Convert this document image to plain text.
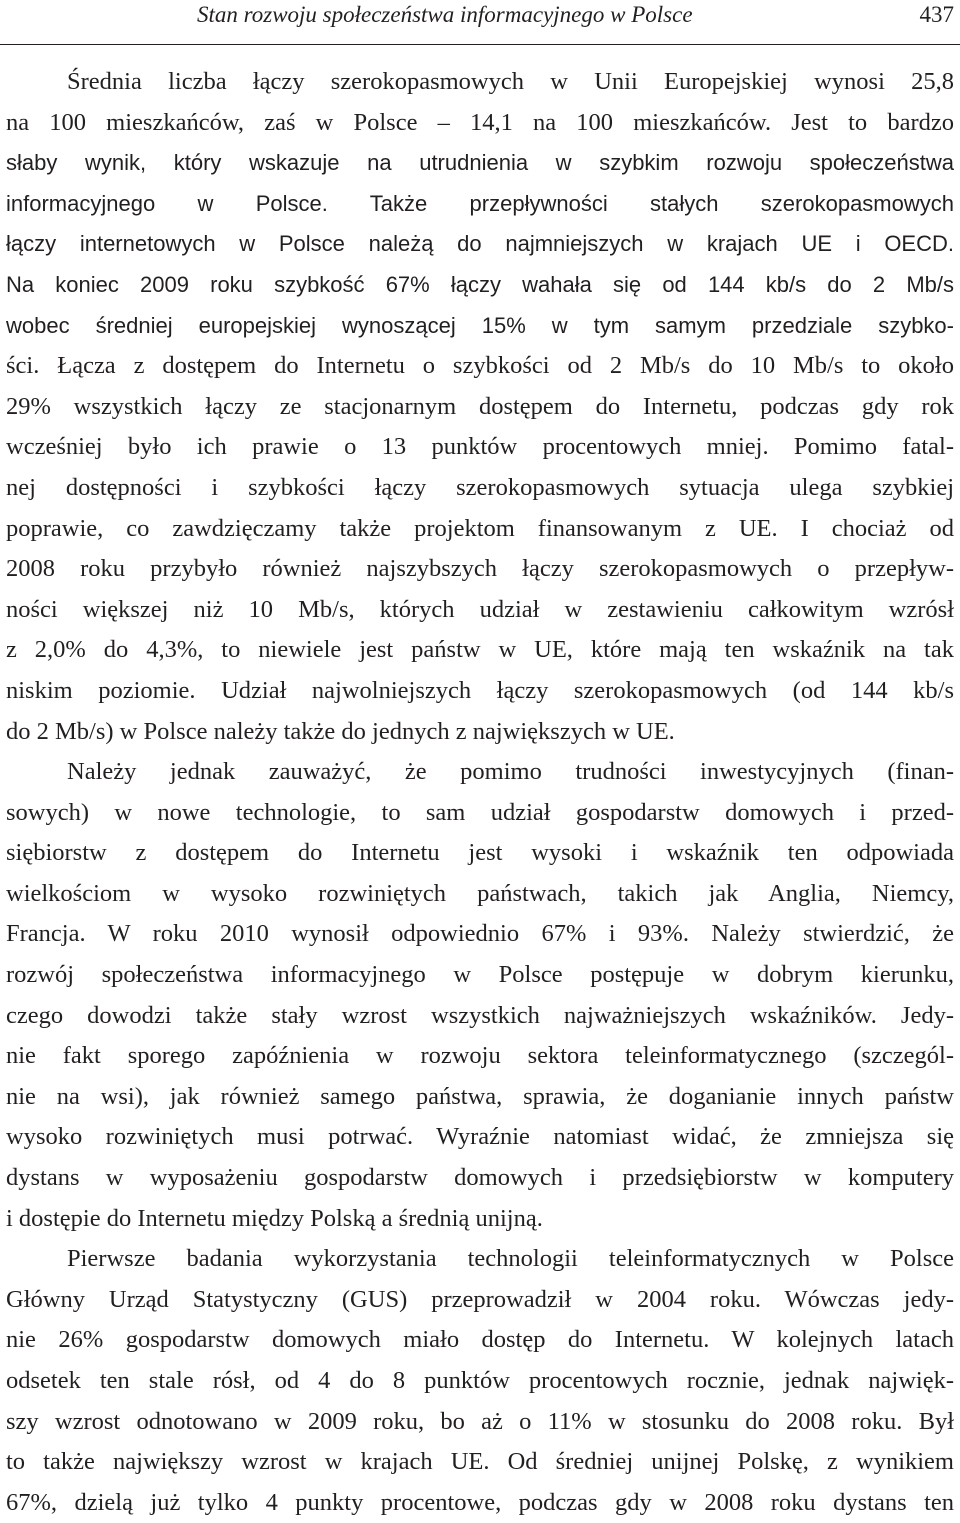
Stan rozwoju społeczeństwa informacyjnego w Polsce	437
Średnia liczba łączy szerokopasmowych w Unii Europejskiej wynosi 25,8
na 100 mieszkańców, zaś w Polsce – 14,1 na 100 mieszkańców. Jest to bardzo
słaby wynik, który wskazuje na utrudnienia w szybkim rozwoju społeczeństwa
informacyjnego w Polsce. Także przepływności stałych szerokopasmowych
łączy internetowych w Polsce należą do najmniejszych w krajach UE i OECD.
Na koniec 2009 roku szybkość 67% łączy wahała się od 144 kb/s do 2 Mb/s
wobec średniej europejskiej wynoszącej 15% w tym samym przedziale szybko-
ści. Łącza z dostępem do Internetu o szybkości od 2 Mb/s do 10 Mb/s to około
29% wszystkich łączy ze stacjonarnym dostępem do Internetu, podczas gdy rok
wcześniej było ich prawie o 13 punktów procentowych mniej. Pomimo fatal-
nej dostępności i szybkości łączy szerokopasmowych sytuacja ulega szybkiej
poprawie, co zawdzięczamy także projektom finansowanym z UE. I chociaż od
2008 roku przybyło również najszybszych łączy szerokopasmowych o przepływ-
ności większej niż 10 Mb/s, których udział w zestawieniu całkowitym wzrósł
z 2,0% do 4,3%, to niewiele jest państw w UE, które mają ten wskaźnik na tak
niskim poziomie. Udział najwolniejszych łączy szerokopasmowych (od 144 kb/s
do 2 Mb/s) w Polsce należy także do jednych z największych w UE.
Należy jednak zauważyć, że pomimo trudności inwestycyjnych (finan-
sowych) w nowe technologie, to sam udział gospodarstw domowych i przed-
siębiorstw z dostępem do Internetu jest wysoki i wskaźnik ten odpowiada
wielkościom w wysoko rozwiniętych państwach, takich jak Anglia, Niemcy,
Francja. W roku 2010 wynosił odpowiednio 67% i 93%. Należy stwierdzić, że
rozwój społeczeństwa informacyjnego w Polsce postępuje w dobrym kierunku,
czego dowodzi także stały wzrost wszystkich najważniejszych wskaźników. Jedy-
nie fakt sporego zapóźnienia w rozwoju sektora teleinformatycznego (szczegól-
nie na wsi), jak również samego państwa, sprawia, że doganianie innych państw
wysoko rozwiniętych musi potrwać. Wyraźnie natomiast widać, że zmniejsza się
dystans w wyposażeniu gospodarstw domowych i przedsiębiorstw w komputery
i dostępie do Internetu między Polską a średnią unijną.
Pierwsze badania wykorzystania technologii teleinformatycznych w Polsce
Główny Urząd Statystyczny (GUS) przeprowadził w 2004 roku. Wówczas jedy-
nie 26% gospodarstw domowych miało dostęp do Internetu. W kolejnych latach
odsetek ten stale rósł, od 4 do 8 punktów procentowych rocznie, jednak najwięk-
szy wzrost odnotowano w 2009 roku, bo aż o 11% w stosunku do 2008 roku. Był
to także największy wzrost w krajach UE. Od średniej unijnej Polskę, z wynikiem
67%, dzielą już tylko 4 punkty procentowe, podczas gdy w 2008 roku dystans ten
